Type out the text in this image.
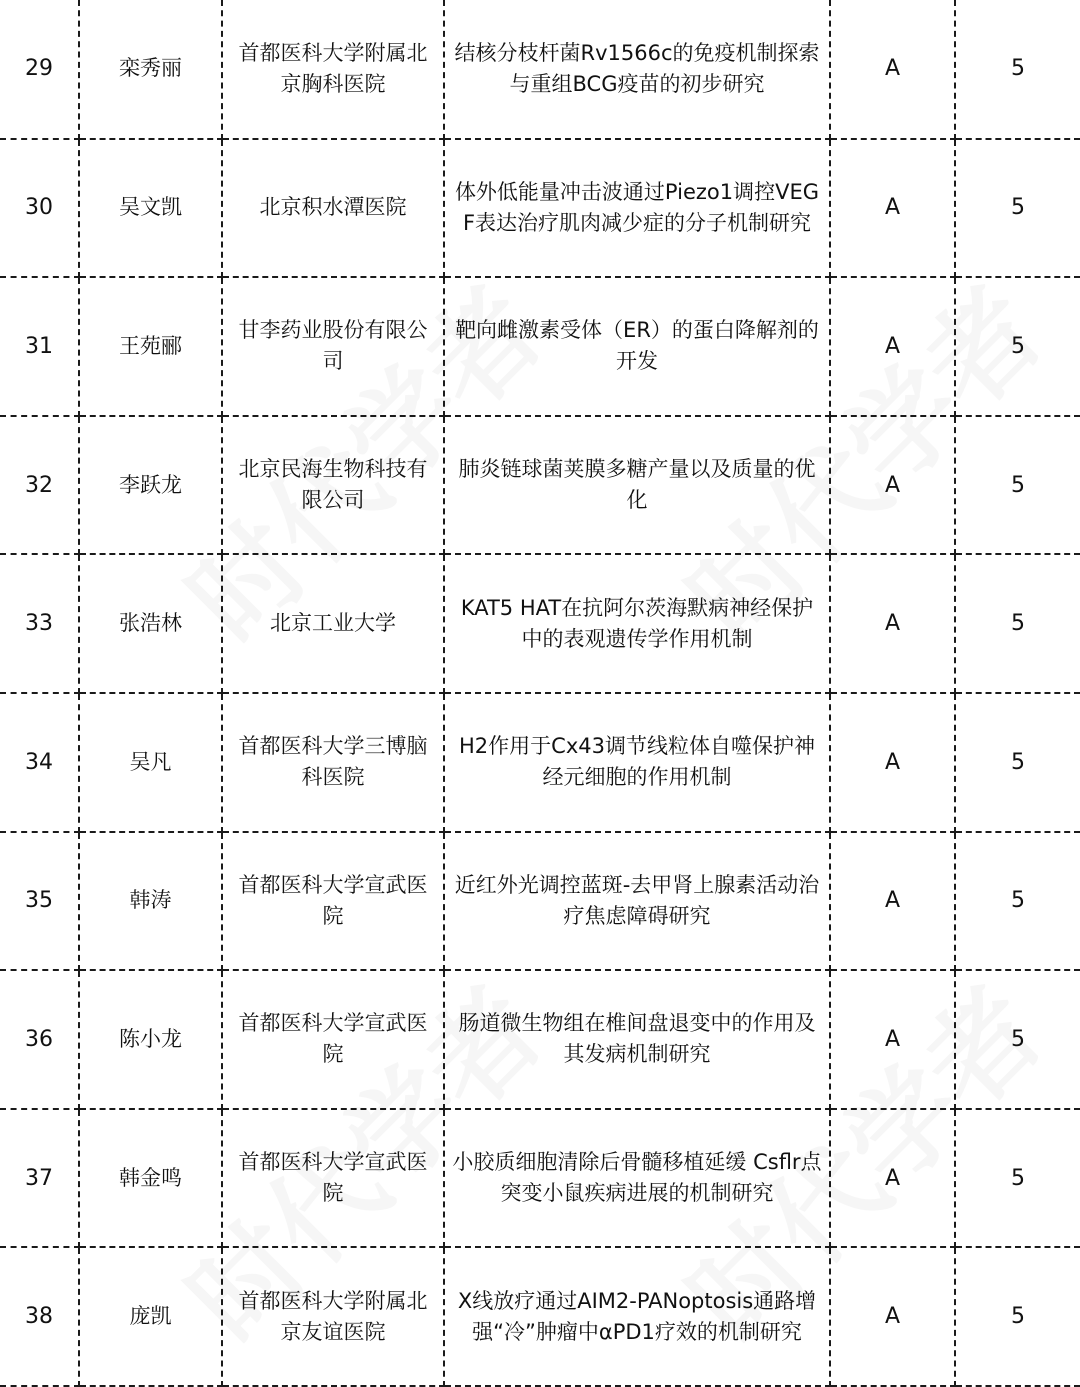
29	栾秀丽	首都医科大学附属北京胸科医院	结核分枝杆菌Rv1566c的免疫机制探索与重组BCG疫苗的初步研究	A	5
30	吴文凯	北京积水潭医院	体外低能量冲击波通过Piezo1调控VEGF表达治疗肌肉减少症的分子机制研究	A	5
31	王苑郦	甘李药业股份有限公司	靶向雌激素受体（ER）的蛋白降解剂的开发	A	5
32	李跃龙	北京民海生物科技有限公司	肺炎链球菌荚膜多糖产量以及质量的优化	A	5
33	张浩林	北京工业大学	KAT5 HAT在抗阿尔茨海默病神经保护中的表观遗传学作用机制	A	5
34	吴凡	首都医科大学三博脑科医院	H2作用于Cx43调节线粒体自噬保护神经元细胞的作用机制	A	5
35	韩涛	首都医科大学宣武医院	近红外光调控蓝斑-去甲肾上腺素活动治疗焦虑障碍研究	A	5
36	陈小龙	首都医科大学宣武医院	肠道微生物组在椎间盘退变中的作用及其发病机制研究	A	5
37	韩金鸣	首都医科大学宣武医院	小胶质细胞清除后骨髓移植延缓 Csflr点突变小鼠疾病进展的机制研究	A	5
38	庞凯	首都医科大学附属北京友谊医院	X线放疗通过AIM2-PANoptosis通路增强“冷”肿瘤中αPD1疗效的机制研究	A	5
